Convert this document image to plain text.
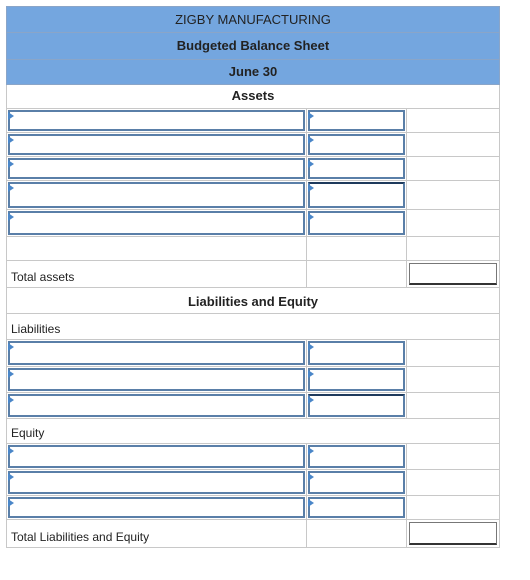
ZIGBY MANUFACTURING
Budgeted Balance Sheet
June 30
Assets
Total assets
Liabilities and Equity
Liabilities
Equity
Total Liabilities and Equity
